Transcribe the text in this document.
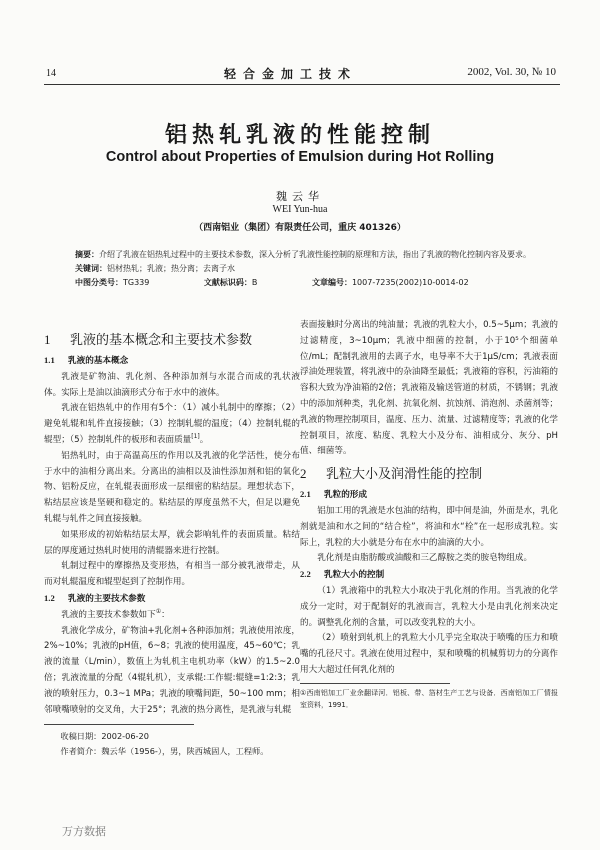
14	轻合金加工技术	2002, Vol. 30, № 10
铝热轧乳液的性能控制
Control about Properties of Emulsion during Hot Rolling
魏云华
WEI Yun-hua
（西南铝业（集团）有限责任公司，重庆 401326）
摘要：介绍了乳液在铝热轧过程中的主要技术参数，深入分析了乳液性能控制的原理和方法，指出了乳液的物化控制内容及要求。
关键词：铝材热轧；乳液；热分离；去离子水
中图分类号：TG339	文献标识码：B	文章编号：1007-7235(2002)10-0014-02
1 乳液的基本概念和主要技术参数
1.1 乳液的基本概念

乳液是矿物油、乳化剂、各种添加剂与水混合而成的乳状液体。实际上是油以油滴形式分布于水中的液体。

乳液在铝热轧中的作用有5个：（1）减小轧制中的摩擦；（2）避免轧辊和轧件直接接触；（3）控制轧辊的温度；（4）控制轧辊的辊型；（5）控制轧件的板形和表面质量[1]。

铝热轧时，由于高温高压的作用以及乳液的化学活性，使分布于水中的油相分离出来。分离出的油相以及油性添加剂和铝的氧化物、铝粉反应，在轧辊表面形成一层细密的粘结层。理想状态下，粘结层应该是坚硬和稳定的。粘结层的厚度虽然不大，但足以避免轧辊与轧件之间直接接触。

如果形成的初始粘结层太厚，就会影响轧件的表面质量。粘结层的厚度通过热轧时使用的清辊器来进行控制。

轧制过程中的摩擦热及变形热，有相当一部分被乳液带走，从而对轧辊温度和辊型起到了控制作用。

1.2 乳液的主要技术参数

乳液的主要技术参数如下①：

乳液化学成分，矿物油+乳化剂+各种添加剂；乳液使用浓度，2%~10%；乳液的pH值，6~8；乳液的使用温度，45~60℃；乳液的流量（L/min），数值上为轧机主电机功率（kW）的1.5~2.0倍；乳液流量的分配（4辊轧机），支承辊:工作辊:辊缝=1:2:3；乳液的喷射压力，0.3~1 MPa；乳液的喷嘴间距，50~100 mm；相邻喷嘴喷射的交叉角，大于25°；乳液的热分离性，是乳液与轧辊

收稿日期：2002-06-20
作者简介：魏云华（1956-），男，陕西城固人，工程师。

表面接触时分离出的纯油量；乳液的乳粒大小，0.5~5μm；乳液的过滤精度，3~10μm；乳液中细菌的控制，小于10⁵个细菌单位/mL；配制乳液用的去离子水，电导率不大于1μS/cm；乳液表面浮油处理装置，将乳液中的杂油降至最低；乳液箱的容积，污油箱的容积大致为净油箱的2倍；乳液箱及输送管道的材质，不锈钢；乳液中的添加剂种类，乳化剂、抗氧化剂、抗蚀剂、消泡剂、杀菌剂等；乳液的物理控制项目，温度、压力、流量、过滤精度等；乳液的化学控制项目，浓度、粘度、乳粒大小及分布、油相成分、灰分、pH值、细菌等。

2 乳粒大小及润滑性能的控制
2.1 乳粒的形成

铝加工用的乳液是水包油的结构，即中间是油，外面是水，乳化剂就是油和水之间的“结合栓”，将油和水“栓”在一起形成乳粒。实际上，乳粒的大小就是分布在水中的油滴的大小。

乳化剂是由脂肪酸或油酸和三乙醇胺之类的胺皂物组成。

2.2 乳粒大小的控制

（1）乳液箱中的乳粒大小取决于乳化剂的作用。当乳液的化学成分一定时，对于配制好的乳液而言，乳粒大小是由乳化剂来决定的。调整乳化剂的含量，可以改变乳粒的大小。

（2）喷射到轧机上的乳粒大小几乎完全取决于喷嘴的压力和喷嘴的孔径尺寸。乳液在使用过程中，泵和喷嘴的机械剪切力的分离作用大大超过任何乳化剂的

①西南铝加工厂业余翻译河．铝板、带、箔材生产工艺与设备．西南铝加工厂情报室资料，1991．
万方数据
